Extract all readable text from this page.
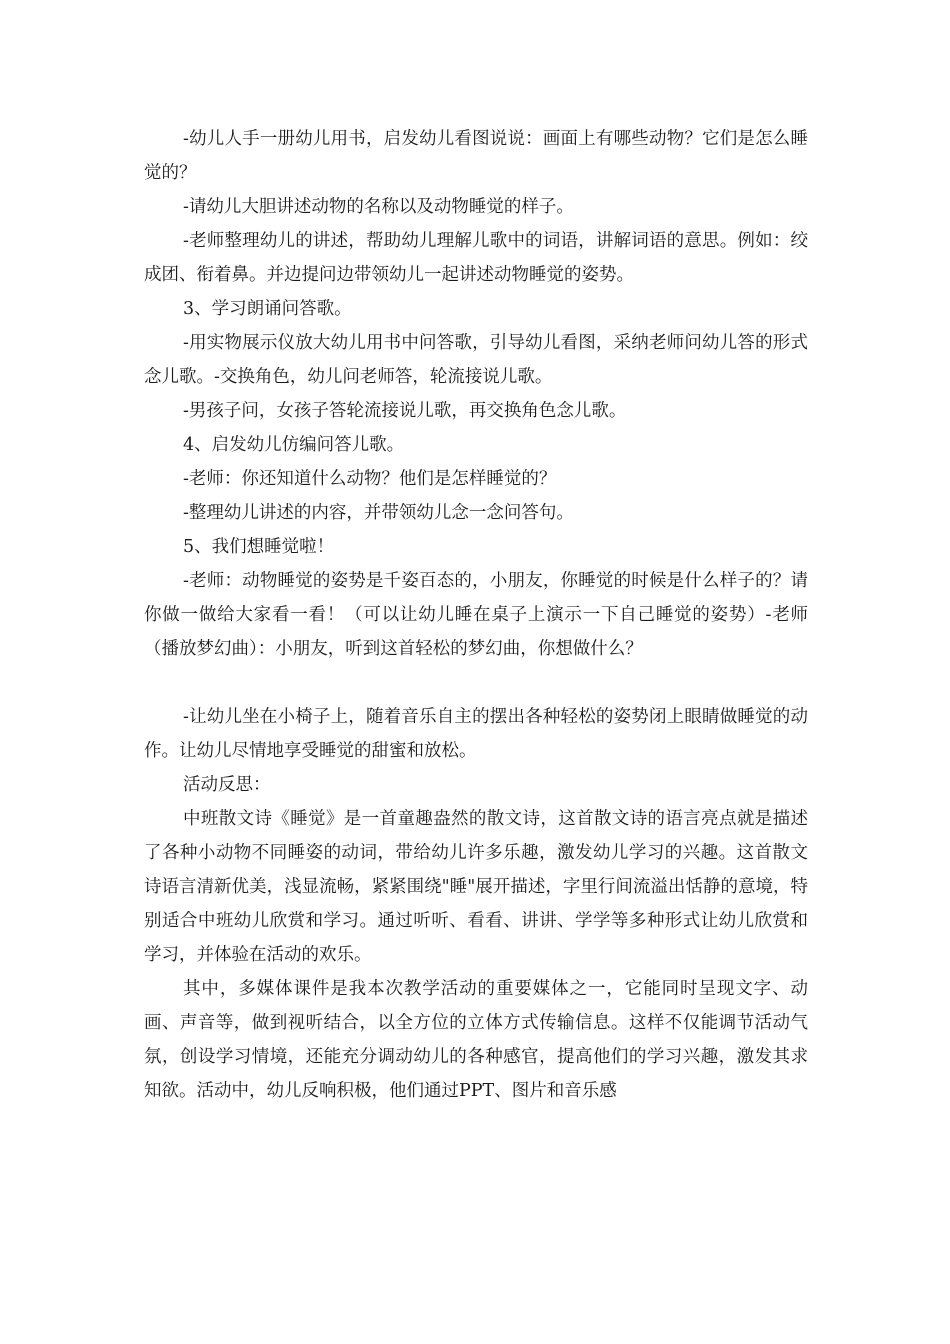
-幼儿人手一册幼儿用书，启发幼儿看图说说：画面上有哪些动物？它们是怎么睡觉的？

-请幼儿大胆讲述动物的名称以及动物睡觉的样子。

-老师整理幼儿的讲述，帮助幼儿理解儿歌中的词语，讲解词语的意思。例如：绞成团、衔着鼻。并边提问边带领幼儿一起讲述动物睡觉的姿势。

3、学习朗诵问答歌。

-用实物展示仪放大幼儿用书中问答歌，引导幼儿看图，采纳老师问幼儿答的形式念儿歌。-交换角色，幼儿问老师答，轮流接说儿歌。

-男孩子问，女孩子答轮流接说儿歌，再交换角色念儿歌。

4、启发幼儿仿编问答儿歌。

-老师：你还知道什么动物？他们是怎样睡觉的？

-整理幼儿讲述的内容，并带领幼儿念一念问答句。

5、我们想睡觉啦！

-老师：动物睡觉的姿势是千姿百态的，小朋友，你睡觉的时候是什么样子的？请你做一做给大家看一看！（可以让幼儿睡在桌子上演示一下自己睡觉的姿势）-老师（播放梦幻曲）：小朋友，听到这首轻松的梦幻曲，你想做什么？

-让幼儿坐在小椅子上，随着音乐自主的摆出各种轻松的姿势闭上眼睛做睡觉的动作。让幼儿尽情地享受睡觉的甜蜜和放松。

活动反思：

中班散文诗《睡觉》是一首童趣盎然的散文诗，这首散文诗的语言亮点就是描述了各种小动物不同睡姿的动词，带给幼儿许多乐趣，激发幼儿学习的兴趣。这首散文诗语言清新优美，浅显流畅，紧紧围绕"睡"展开描述，字里行间流溢出恬静的意境，特别适合中班幼儿欣赏和学习。通过听听、看看、讲讲、学学等多种形式让幼儿欣赏和学习，并体验在活动的欢乐。

其中，多媒体课件是我本次教学活动的重要媒体之一，它能同时呈现文字、动画、声音等，做到视听结合，以全方位的立体方式传输信息。这样不仅能调节活动气氛，创设学习情境，还能充分调动幼儿的各种感官，提高他们的学习兴趣，激发其求知欲。活动中，幼儿反响积极，他们通过PPT、图片和音乐感
